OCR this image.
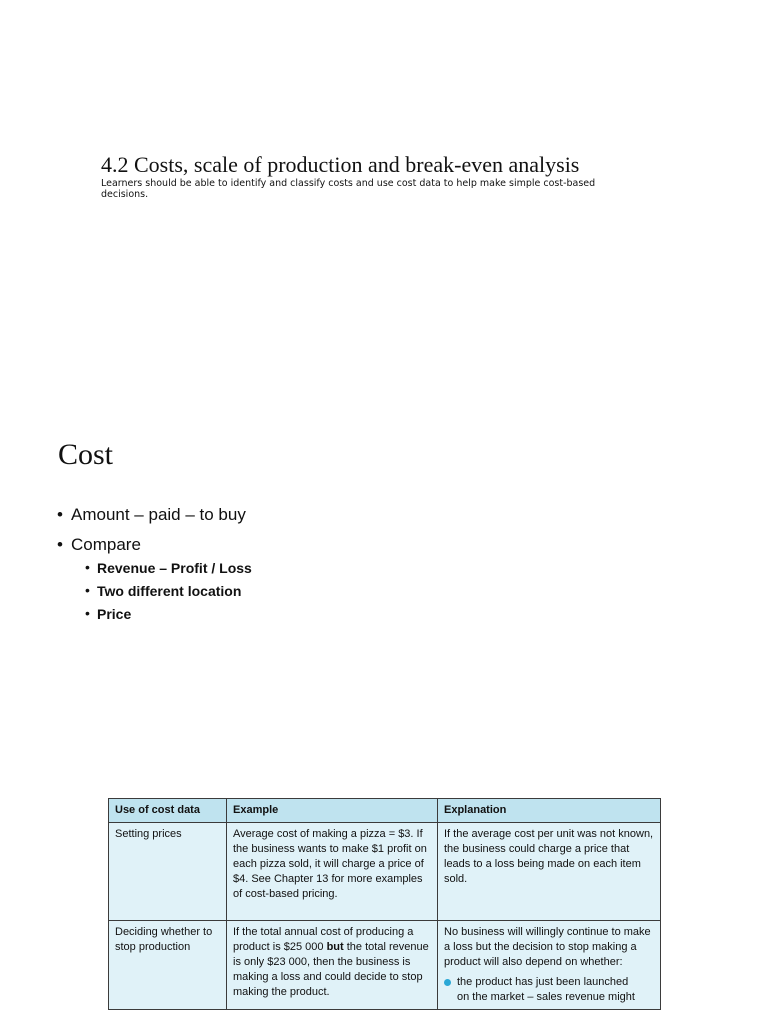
4.2 Costs, scale of production and break-even analysis
Learners should be able to identify and classify costs and use cost data to help make simple cost-based decisions.
Cost
• Amount – paid – to buy
• Compare
• Revenue – Profit / Loss
• Two different location
• Price
Use of cost data	Example	Explanation
Setting prices	Average cost of making a pizza = $3. If the business wants to make $1 profit on each pizza sold, it will charge a price of $4. See Chapter 13 for more examples of cost-based pricing.	If the average cost per unit was not known, the business could charge a price that leads to a loss being made on each item sold.
Deciding whether to stop production	If the total annual cost of producing a product is $25 000 but the total revenue is only $23 000, then the business is making a loss and could decide to stop making the product.	No business will willingly continue to make a loss but the decision to stop making a product will also depend on whether:
the product has just been launched
on the market – sales revenue might
